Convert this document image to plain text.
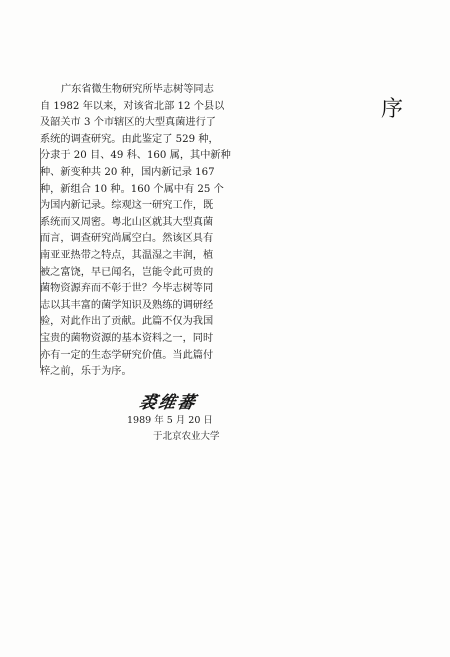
序
广东省微生物研究所毕志树等同志
自 1982 年以来，对该省北部 12 个县以
及韶关市 3 个市辖区的大型真菌进行了
系统的调查研究。由此鉴定了 529 种，
分隶于 20 目、49 科、160 属，其中新种
种、新变种共 20 种，国内新记录 167
种，新组合 10 种。160 个属中有 25 个
为国内新记录。综观这一研究工作，既
系统而又周密。粤北山区就其大型真菌
而言，调查研究尚属空白。然该区具有
南亚亚热带之特点，其温湿之丰润，植
被之富饶，早已闻名，岂能令此可贵的
菌物资源弃而不彰于世？今毕志树等同
志以其丰富的菌学知识及熟练的调研经
验，对此作出了贡献。此篇不仅为我国
宝贵的菌物资源的基本资料之一，同时
亦有一定的生态学研究价值。当此篇付
梓之前，乐于为序。
裘维蕃
1989 年 5 月 20 日
于北京农业大学
